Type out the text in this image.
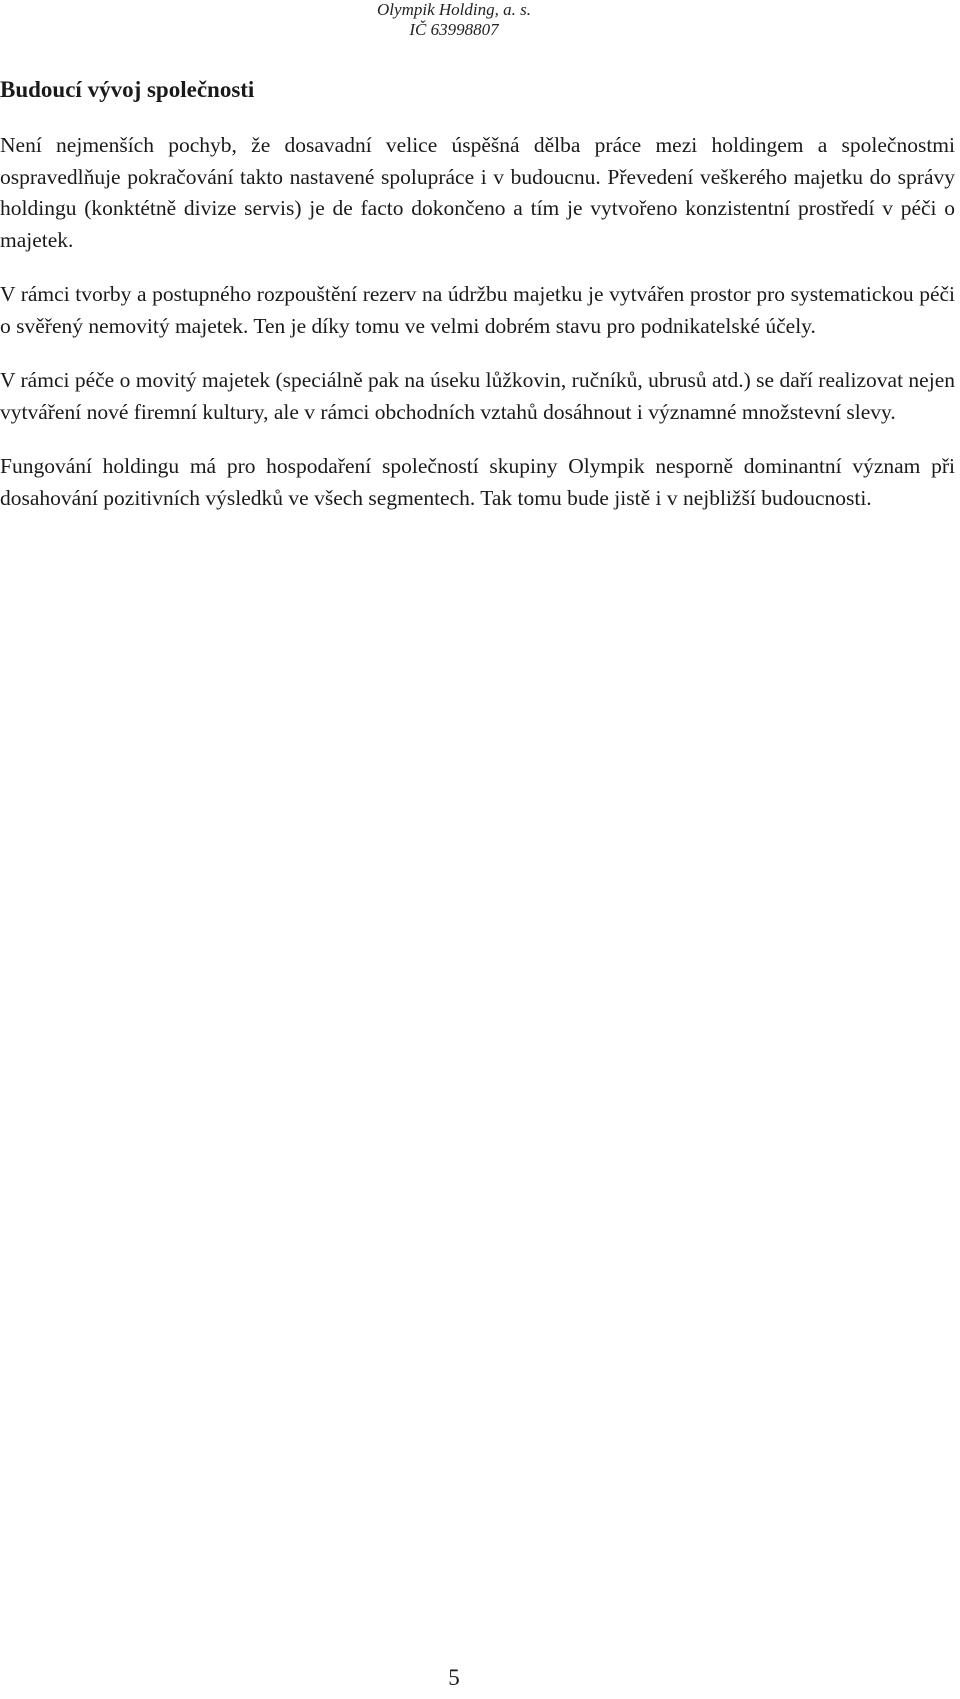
Olympik Holding, a. s.
IČ 63998807
Budoucí vývoj společnosti

Není nejmenších pochyb, že dosavadní velice úspěšná dělba práce mezi holdingem a společnostmi ospravedlňuje pokračování takto nastavené spolupráce i v budoucnu. Převedení veškerého majetku do správy holdingu (konktétně divize servis) je de facto dokončeno a tím je vytvořeno konzistentní prostředí v péči o majetek.

V rámci tvorby a postupného rozpouštění rezerv na údržbu majetku je vytvářen prostor pro systematickou péči o svěřený nemovitý majetek. Ten je díky tomu ve velmi dobrém stavu pro podnikatelské účely.

V rámci péče o movitý majetek (speciálně pak na úseku lůžkovin, ručníků, ubrusů atd.) se daří realizovat nejen vytváření nové firemní kultury, ale v rámci obchodních vztahů dosáhnout i významné množstevní slevy.

Fungování holdingu má pro hospodaření společností skupiny Olympik nesporně dominantní význam při dosahování pozitivních výsledků ve všech segmentech. Tak tomu bude jistě i v nejbližší budoucnosti.

5
